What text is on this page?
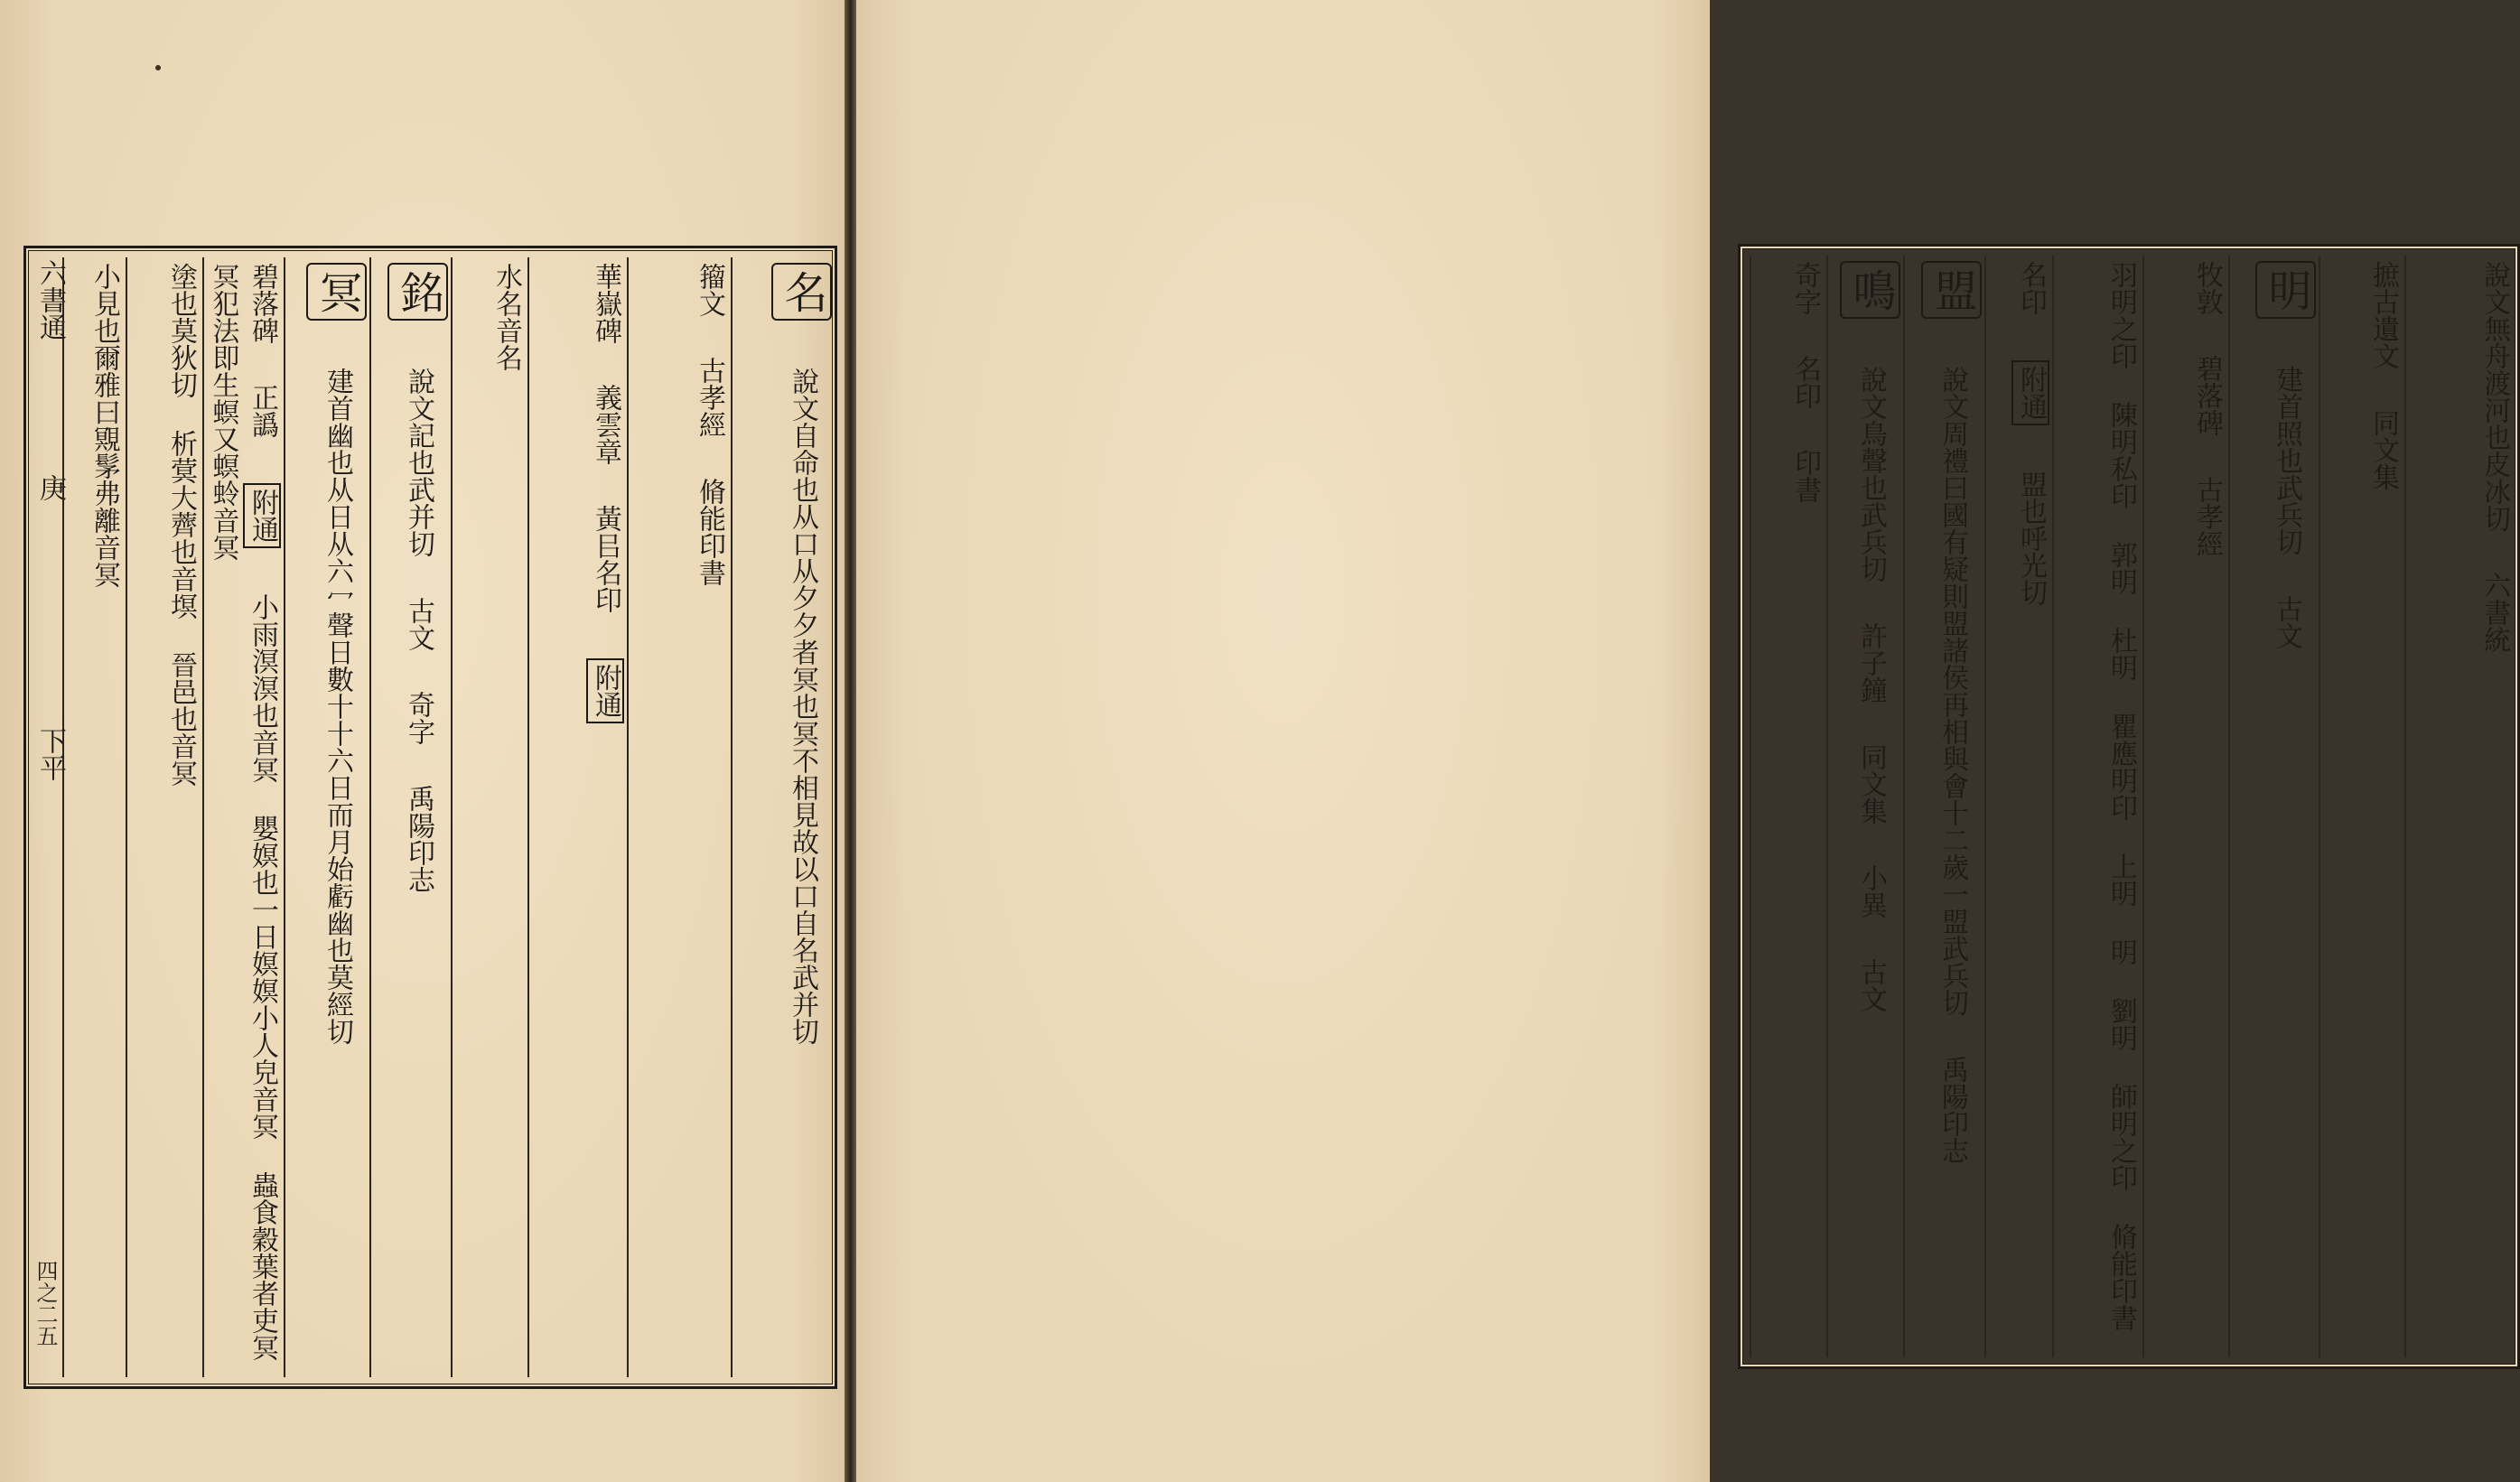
六書通
庚
下平
四之二五
名 說文自命也从口从夕夕者冥也冥不相見故以口自名武并切
籀文 古孝經 脩能印書
華嶽碑 義雲章 黃㠯名印 附通
水名音名
銘 說文記也武并切 古文 奇字 禹陽印志
冥 建首幽也从日从六冖聲日數十十六日而月始虧幽也莫經切
碧落碑 正譌 附通 小雨溟溟也音冥 嬰嫇也一日嫇嫇小人皃音冥 蟲食穀葉者吏冥冥犯法即生螟又螟蛉音冥
塗也莫狄切 析蓂大薺也音塓 晉邑也音冥
小見也爾雅曰覭髳弗離音冥	說文無舟渡河也皮冰切 六書統
摭古遺文 同文集
明 建首照也武兵切 古文
牧敦 碧落碑 古孝經
羽明之印 陳明私印 郭明 杜明 瞿應明印 上明 明 劉明 師明之印 脩能印書
名印 附通 盟也呼光切
盟 說文周禮曰國有疑則盟諸侯再相與會十二歲一盟武兵切 禹陽印志
鳴 說文鳥聲也武兵切 許子鐘 同文集 小異 古文
奇字 名印 印書
